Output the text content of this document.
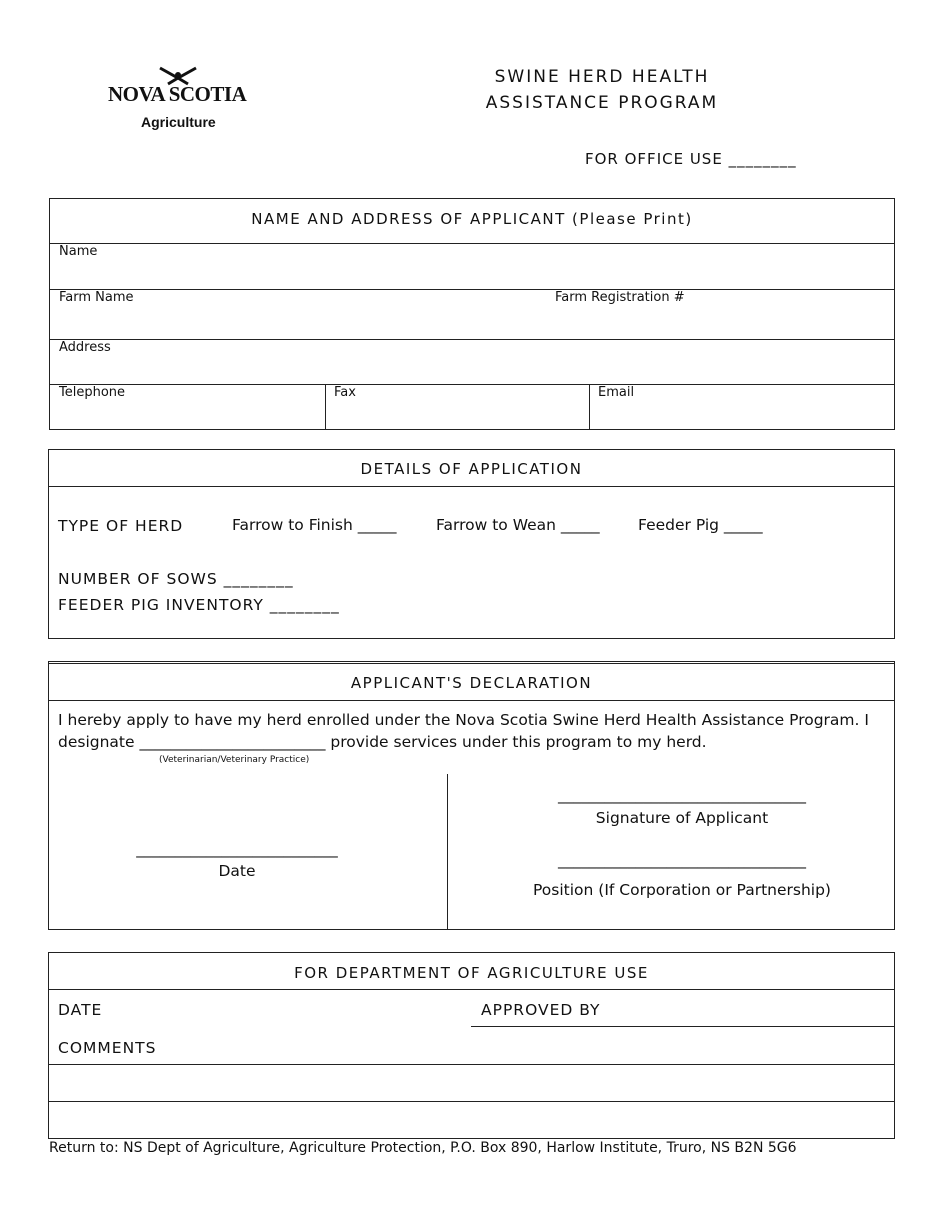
NOVA SCOTIA
Agriculture
SWINE HERD HEALTH
ASSISTANCE PROGRAM
FOR OFFICE USE ________
NAME AND ADDRESS OF APPLICANT (Please Print)
Name
Farm Name	Farm Registration #
Address
Telephone	Fax	Email
DETAILS OF APPLICATION
TYPE OF HERD	Farrow to Finish _____	Farrow to Wean _____ Feeder Pig _____
NUMBER OF SOWS ________
FEEDER PIG INVENTORY ________
APPLICANT'S DECLARATION
I hereby apply to have my herd enrolled under the Nova Scotia Swine Herd Health Assistance Program. I
designate ________________________ provide services under this program to my herd.
(Veterinarian/Veterinary Practice)
________________________________
Signature of Applicant
________________________________
Position (If Corporation or Partnership)
__________________________
Date
FOR DEPARTMENT OF AGRICULTURE USE
DATE	APPROVED BY
COMMENTS
Return to: NS Dept of Agriculture, Agriculture Protection, P.O. Box 890, Harlow Institute, Truro, NS B2N 5G6
